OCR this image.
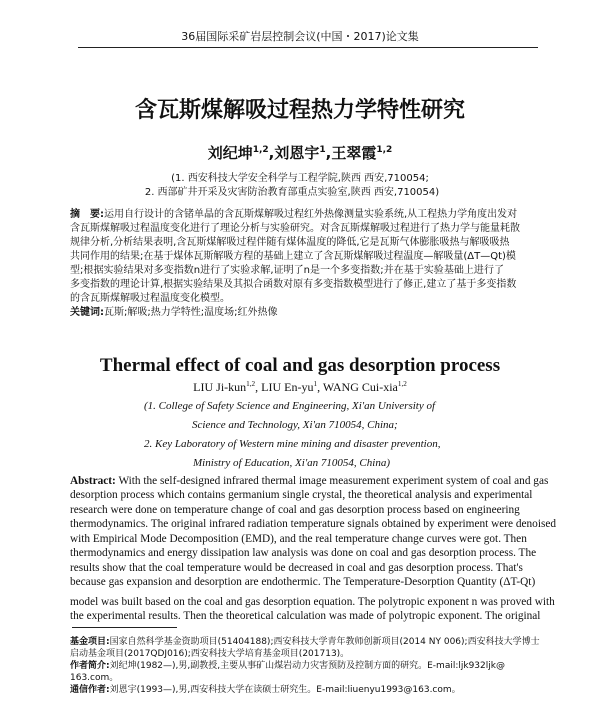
36届国际采矿岩层控制会议(中国・2017)论文集
含瓦斯煤解吸过程热力学特性研究
刘纪坤$^{1,2}$,刘恩宇$^1$,王翠霞$^{1,2}$
(1. 西安科技大学安全科学与工程学院,陕西 西安,710054;
2. 西部矿井开采及灾害防治教育部重点实验室,陕西 西安,710054)
摘　要:运用自行设计的含锗单晶的含瓦斯煤解吸过程红外热像测量实验系统,从工程热力学角度出发对
含瓦斯煤解吸过程温度变化进行了理论分析与实验研究。对含瓦斯煤解吸过程进行了热力学与能量耗散
规律分析,分析结果表明,含瓦斯煤解吸过程伴随有煤体温度的降低,它是瓦斯气体膨胀吸热与解吸吸热
共同作用的结果;在基于煤体瓦斯解吸方程的基础上建立了含瓦斯煤解吸过程温度—解吸量(ΔT—Qt)模
型;根据实验结果对多变指数n进行了实验求解,证明了n是一个多变指数;并在基于实验基础上进行了
多变指数的理论计算,根据实验结果及其拟合函数对原有多变指数模型进行了修正,建立了基于多变指数
的含瓦斯煤解吸过程温度变化模型。
关键词:瓦斯;解吸;热力学特性;温度场;红外热像
Thermal effect of coal and gas desorption process
LIU Ji-kun$^{1,2}$, LIU $En-yu^1$, WANG Cui-xia$^{1,2}$
(1. College of Safety Science and Engineering, Xi'an University of
Science and Technology, Xi'an 710054, China;
2. Key Laboratory of Western mine mining and disaster prevention,
Ministry of Education, Xi'an 710054, China)
Abstract: With the self-designed infrared thermal image measurement experiment system of coal and gas
desorption process which contains germanium single crystal, the theoretical analysis and experimental
research were done on temperature change of coal and gas desorption process based on engineering
thermodynamics. The original infrared radiation temperature signals obtained by experiment were denoised
with Empirical Mode Decomposition (EMD), and the real temperature change curves were got. Then
thermodynamics and energy dissipation law analysis was done on coal and gas desorption process. The
results show that the coal temperature would be decreased in coal and gas desorption process. That's
because gas expansion and desorption are endothermic. The Temperature-Desorption Quantity (ΔT-Qt)
model was built based on the coal and gas desorption equation. The polytropic exponent n was proved with
the experimental results. Then the theoretical calculation was made of polytropic exponent. The original
基金项目:国家自然科学基金资助项目(51404188);西安科技大学青年教师创新项目(2014 NY 006);西安科技大学博士
启动基金项目(2017QDJ016);西安科技大学培育基金项目(201713)。
作者简介:刘纪坤(1982—),男,副教授,主要从事矿山煤岩动力灾害预防及控制方面的研究。E-mail:ljk932ljk@
163.com。
通信作者:刘恩宇(1993—),男,西安科技大学在读硕士研究生。E-mail:liuenyu1993@163.com。
